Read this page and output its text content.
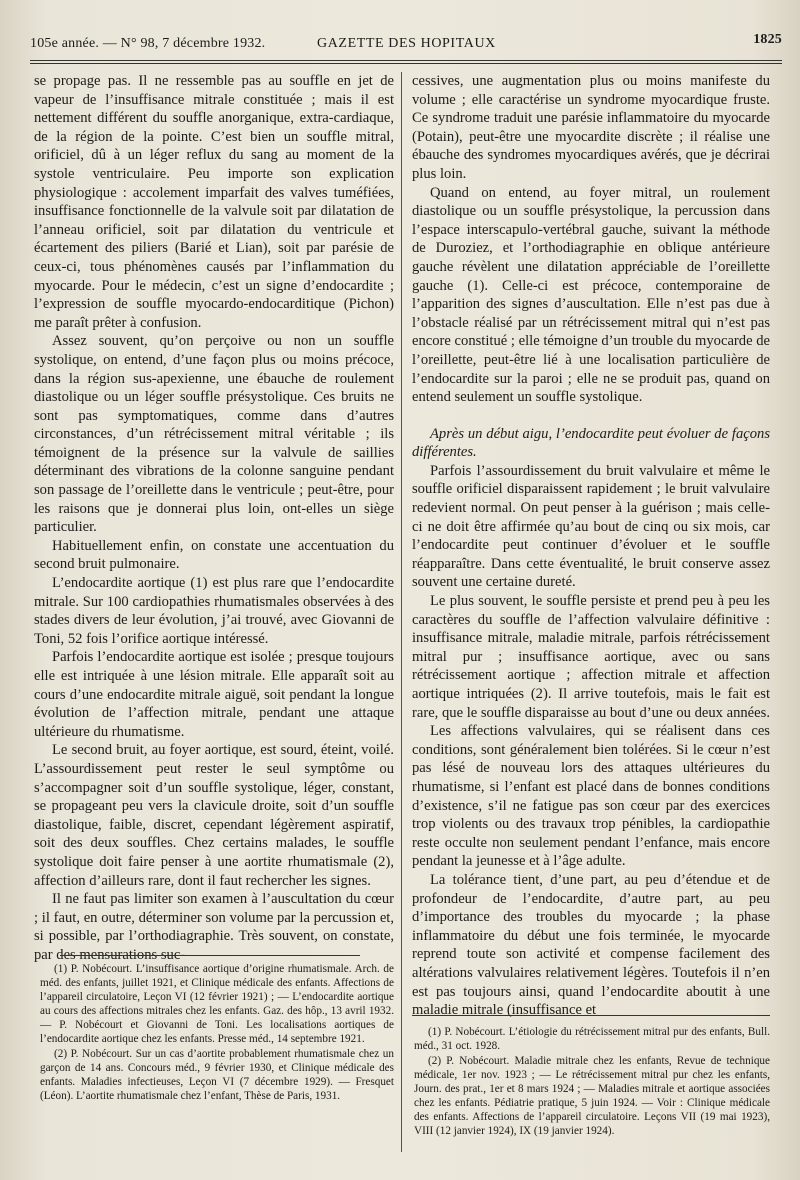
105e année. — N° 98, 7 décembre 1932.	GAZETTE DES HOPITAUX	1825

se propage pas. Il ne ressemble pas au souffle en jet de vapeur de l’insuffisance mitrale constituée ; mais il est nettement différent du souffle anorganique, extra-cardiaque, de la région de la pointe. C’est bien un souffle mitral, orificiel, dû à un léger reflux du sang au moment de la systole ventriculaire. Peu importe son explication physiologique : accolement imparfait des valves tuméfiées, insuffisance fonctionnelle de la valvule soit par dilatation de l’anneau orificiel, soit par dilatation du ventricule et écartement des piliers (Barié et Lian), soit par parésie de ceux-ci, tous phénomènes causés par l’inflammation du myocarde. Pour le médecin, c’est un signe d’endocardite ; l’expression de souffle myocardo-endocarditique (Pichon) me paraît prêter à confusion.

Assez souvent, qu’on perçoive ou non un souffle systolique, on entend, d’une façon plus ou moins précoce, dans la région sus-apexienne, une ébauche de roulement diastolique ou un léger souffle présystolique. Ces bruits ne sont pas symptomatiques, comme dans d’autres circonstances, d’un rétrécissement mitral véritable ; ils témoignent de la présence sur la valvule de saillies déterminant des vibrations de la colonne sanguine pendant son passage de l’oreillette dans le ventricule ; peut-être, pour les raisons que je donnerai plus loin, ont-elles un siège particulier.

Habituellement enfin, on constate une accentuation du second bruit pulmonaire.

L’endocardite aortique (1) est plus rare que l’endocardite mitrale. Sur 100 cardiopathies rhumatismales observées à des stades divers de leur évolution, j’ai trouvé, avec Giovanni de Toni, 52 fois l’orifice aortique intéressé.

Parfois l’endocardite aortique est isolée ; presque toujours elle est intriquée à une lésion mitrale. Elle apparaît soit au cours d’une endocardite mitrale aiguë, soit pendant la longue évolution de l’affection mitrale, pendant une attaque ultérieure du rhumatisme.

Le second bruit, au foyer aortique, est sourd, éteint, voilé. L’assourdissement peut rester le seul symptôme ou s’accompagner soit d’un souffle systolique, léger, constant, se propageant peu vers la clavicule droite, soit d’un souffle diastolique, faible, discret, cependant légèrement aspiratif, soit des deux souffles. Chez certains malades, le souffle systolique doit faire penser à une aortite rhumatismale (2), affection d’ailleurs rare, dont il faut rechercher les signes.

Il ne faut pas limiter son examen à l’auscultation du cœur ; il faut, en outre, déterminer son volume par la percussion et, si possible, par l’orthodiagraphie. Très souvent, on constate, par des mensurations suc-

cessives, une augmentation plus ou moins manifeste du volume ; elle caractérise un syndrome myocardique fruste. Ce syndrome traduit une parésie inflammatoire du myocarde (Potain), peut-être une myocardite discrète ; il réalise une ébauche des syndromes myocardiques avérés, que je décrirai plus loin.

Quand on entend, au foyer mitral, un roulement diastolique ou un souffle présystolique, la percussion dans l’espace interscapulo-vertébral gauche, suivant la méthode de Duroziez, et l’orthodiagraphie en oblique antérieure gauche révèlent une dilatation appréciable de l’oreillette gauche (1). Celle-ci est précoce, contemporaine de l’apparition des signes d’auscultation. Elle n’est pas due à l’obstacle réalisé par un rétrécissement mitral qui n’est pas encore constitué ; elle témoigne d’un trouble du myocarde de l’oreillette, peut-être lié à une localisation particulière de l’endocardite sur la paroi ; elle ne se produit pas, quand on entend seulement un souffle systolique.

Après un début aigu, l’endocardite peut évoluer de façons différentes.

Parfois l’assourdissement du bruit valvulaire et même le souffle orificiel disparaissent rapidement ; le bruit valvulaire redevient normal. On peut penser à la guérison ; mais celle-ci ne doit être affirmée qu’au bout de cinq ou six mois, car l’endocardite peut continuer d’évoluer et le souffle réapparaître. Dans cette éventualité, le bruit conserve assez souvent une certaine dureté.

Le plus souvent, le souffle persiste et prend peu à peu les caractères du souffle de l’affection valvulaire définitive : insuffisance mitrale, maladie mitrale, parfois rétrécissement mitral pur ; insuffisance aortique, avec ou sans rétrécissement aortique ; affection mitrale et affection aortique intriquées (2). Il arrive toutefois, mais le fait est rare, que le souffle disparaisse au bout d’une ou deux années.

Les affections valvulaires, qui se réalisent dans ces conditions, sont généralement bien tolérées. Si le cœur n’est pas lésé de nouveau lors des attaques ultérieures du rhumatisme, si l’enfant est placé dans de bonnes conditions d’existence, s’il ne fatigue pas son cœur par des exercices trop violents ou des travaux trop pénibles, la cardiopathie reste occulte non seulement pendant l’enfance, mais encore pendant la jeunesse et à l’âge adulte.

La tolérance tient, d’une part, au peu d’étendue et de profondeur de l’endocardite, d’autre part, au peu d’importance des troubles du myocarde ; la phase inflammatoire du début une fois terminée, le myocarde reprend toute son activité et compense facilement des altérations valvulaires relativement légères. Toutefois il n’en est pas toujours ainsi, quand l’endocardite aboutit à une maladie mitrale (insuffisance et

(1) P. Nobécourt. L’insuffisance aortique d’origine rhumatismale. Arch. de méd. des enfants, juillet 1921, et Clinique médicale des enfants. Affections de l’appareil circulatoire, Leçon VI (12 février 1921) ; — L’endocardite aortique au cours des affections mitrales chez les enfants. Gaz. des hôp., 13 avril 1932. — P. Nobécourt et Giovanni de Toni. Les localisations aortiques de l’endocardite aortique chez les enfants. Presse méd., 14 septembre 1921.

(2) P. Nobécourt. Sur un cas d’aortite probablement rhumatismale chez un garçon de 14 ans. Concours méd., 9 février 1930, et Clinique médicale des enfants. Maladies infectieuses, Leçon VI (7 décembre 1929). — Fresquet (Léon). L’aortite rhumatismale chez l’enfant, Thèse de Paris, 1931.

(1) P. Nobécourt. L’étiologie du rétrécissement mitral pur des enfants, Bull. méd., 31 oct. 1928.

(2) P. Nobécourt. Maladie mitrale chez les enfants, Revue de technique médicale, 1er nov. 1923 ; — Le rétrécissement mitral pur chez les enfants, Journ. des prat., 1er et 8 mars 1924 ; — Maladies mitrale et aortique associées chez les enfants. Pédiatrie pratique, 5 juin 1924. — Voir : Clinique médicale des enfants. Affections de l’appareil circulatoire. Leçons VII (19 mai 1923), VIII (12 janvier 1924), IX (19 janvier 1924).
